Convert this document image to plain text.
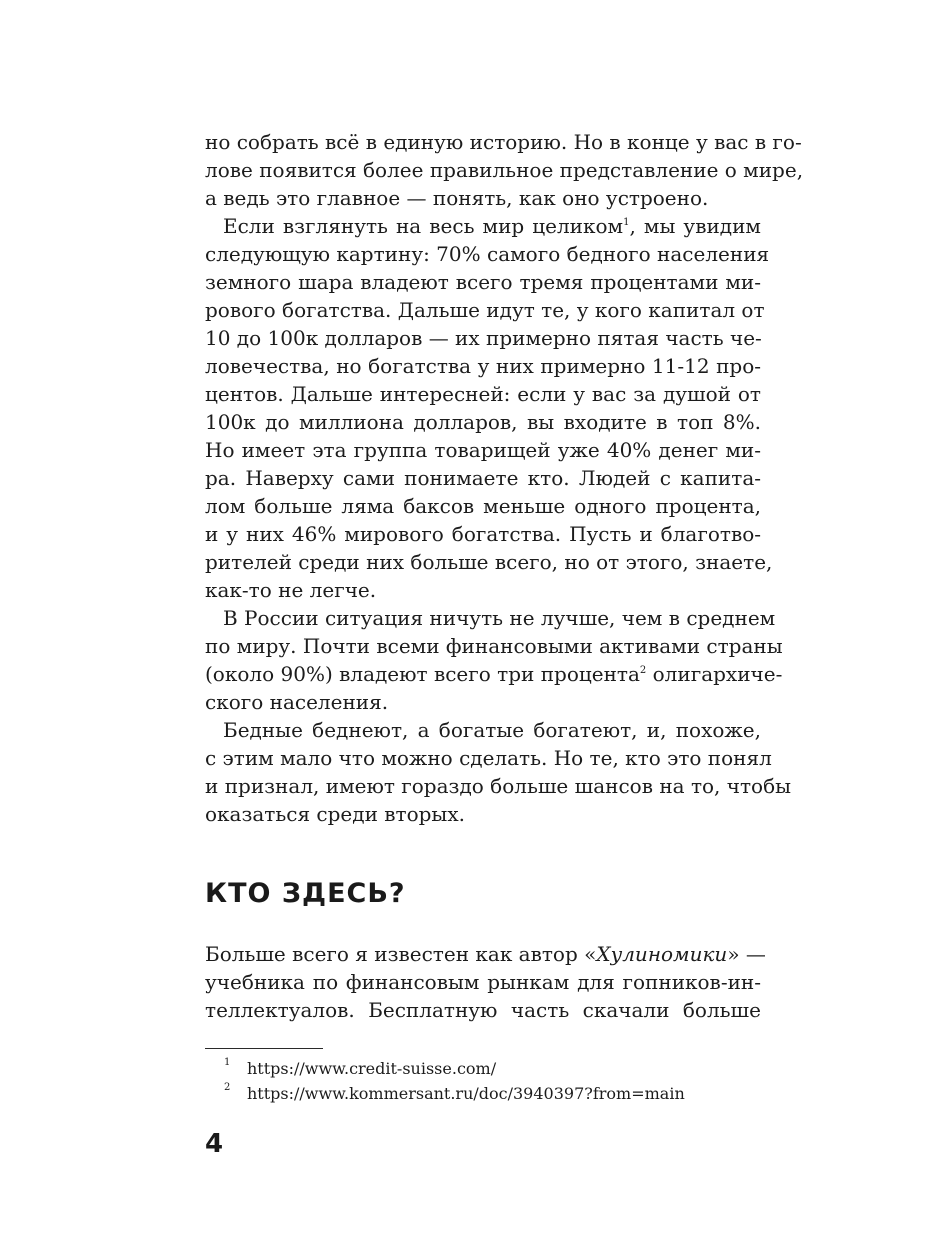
но собрать всё в единую историю. Но в конце у вас в го-
лове появится более правильное представление о мире,
а ведь это главное — понять, как оно устроено.
Если взглянуть на весь мир целиком$^1$, мы увидим
следующую картину: 70% самого бедного населения
земного шара владеют всего тремя процентами ми-
рового богатства. Дальше идут те, у кого капитал от
10 до 100к долларов — их примерно пятая часть че-
ловечества, но богатства у них примерно 11-12 про-
центов. Дальше интересней: если у вас за душой от
100к до миллиона долларов, вы входите в топ 8%.
Но имеет эта группа товарищей уже 40% денег ми-
ра. Наверху сами понимаете кто. Людей с капита-
лом больше ляма баксов меньше одного процента,
и у них 46% мирового богатства. Пусть и благотво-
рителей среди них больше всего, но от этого, знаете,
как-то не легче.
В России ситуация ничуть не лучше, чем в среднем
по миру. Почти всеми финансовыми активами страны
(около 90%) владеют всего три процента$^2$ олигархиче-
ского населения.
Бедные беднеют, а богатые богатеют, и, похоже,
с этим мало что можно сделать. Но те, кто это понял
и признал, имеют гораздо больше шансов на то, чтобы
оказаться среди вторых.
КТО ЗДЕСЬ?
Больше всего я известен как автор «Хулиномики» —
учебника по финансовым рынкам для гопников-ин-
теллектуалов. Бесплатную часть скачали больше
1 https://www.credit-suisse.com/
2 https://www.kommersant.ru/doc/3940397?from=main
4
